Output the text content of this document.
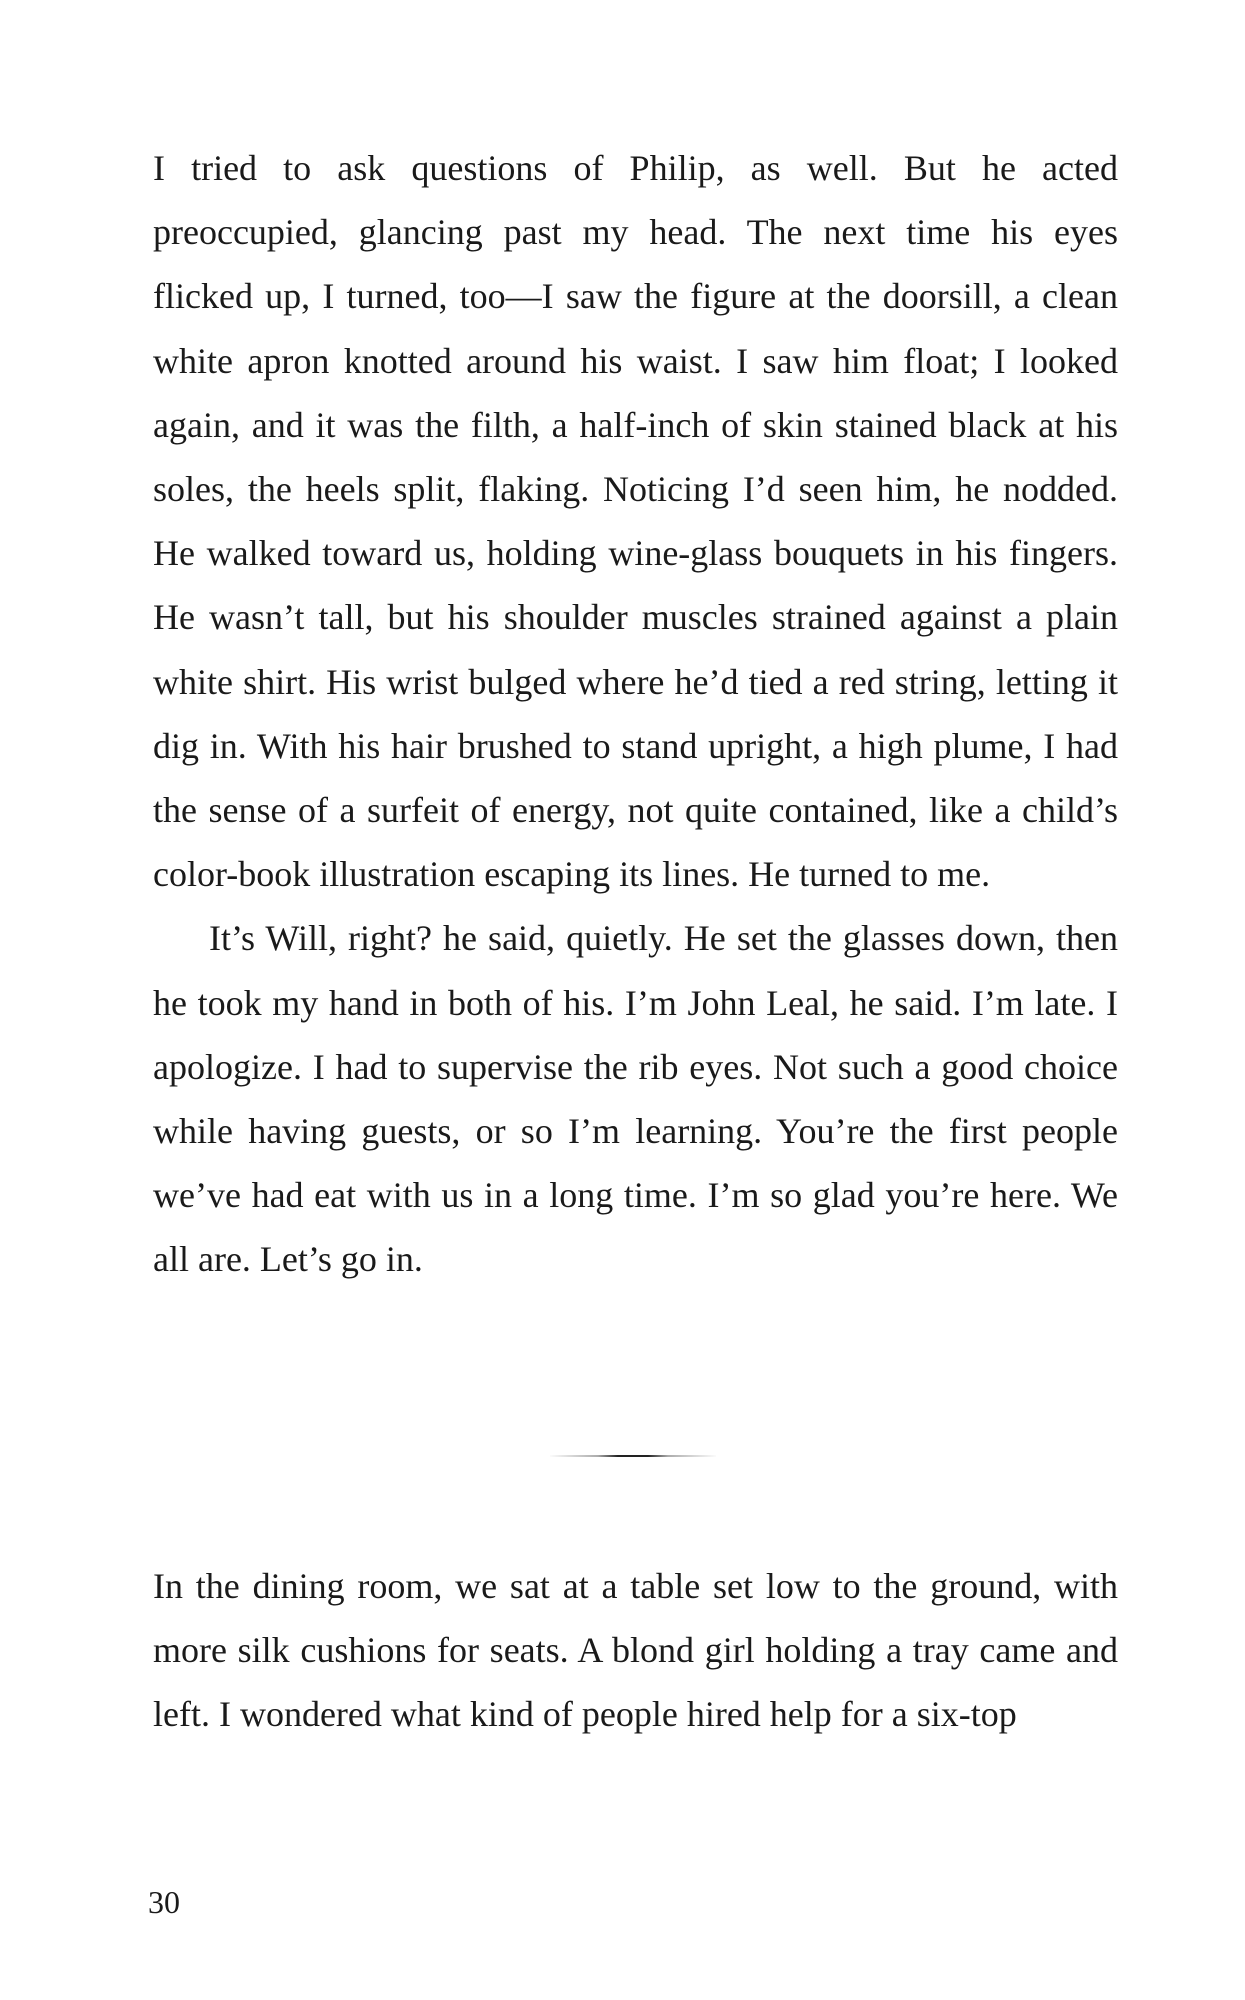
I tried to ask questions of Philip, as well. But he acted preoccupied, glancing past my head. The next time his eyes flicked up, I turned, too—I saw the figure at the doorsill, a clean white apron knotted around his waist. I saw him float; I looked again, and it was the filth, a half-inch of skin stained black at his soles, the heels split, flaking. Noticing I’d seen him, he nodded. He walked toward us, holding wine-glass bouquets in his fingers. He wasn’t tall, but his shoulder muscles strained against a plain white shirt. His wrist bulged where he’d tied a red string, letting it dig in. With his hair brushed to stand upright, a high plume, I had the sense of a surfeit of energy, not quite contained, like a child’s color-book illustration escaping its lines. He turned to me.

It’s Will, right? he said, quietly. He set the glasses down, then he took my hand in both of his. I’m John Leal, he said. I’m late. I apologize. I had to supervise the rib eyes. Not such a good choice while having guests, or so I’m learning. You’re the first people we’ve had eat with us in a long time. I’m so glad you’re here. We all are. Let’s go in.

In the dining room, we sat at a table set low to the ground, with more silk cushions for seats. A blond girl holding a tray came and left. I wondered what kind of people hired help for a six-top

30
